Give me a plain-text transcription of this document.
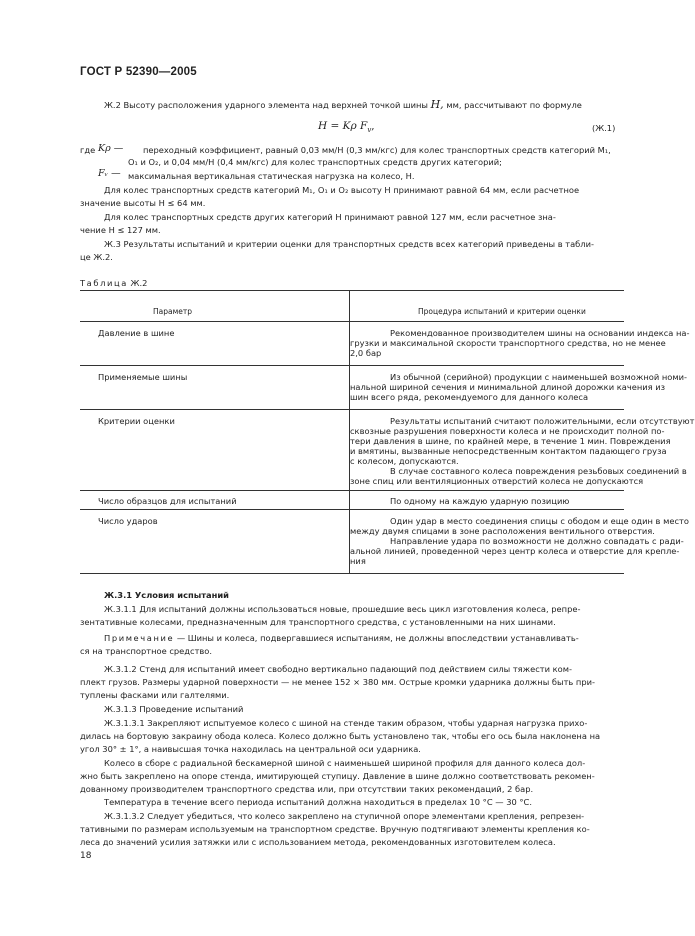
ГОСТ Р 52390—2005
Ж.2 Высоту расположения ударного элемента над верхней точкой шины H, мм, рассчитывают по формуле
H = Kρ $F_v$,	(Ж.1)
где Kρ — переходный коэффициент, равный 0,03 мм/Н (0,3 мм/кгс) для колес транспортных средств категорий M₁,
O₁ и O₂, и 0,04 мм/Н (0,4 мм/кгс) для колес транспортных средств других категорий;
Fᵥ — максимальная вертикальная статическая нагрузка на колесо, Н.
Для колес транспортных средств категорий M₁, O₁ и O₂ высоту H принимают равной 64 мм, если расчетное
значение высоты H ≤ 64 мм.
Для колес транспортных средств других категорий H принимают равной 127 мм, если расчетное зна-
чение H ≤ 127 мм.
Ж.3 Результаты испытаний и критерии оценки для транспортных средств всех категорий приведены в табли-
це Ж.2.
Таблица Ж.2
Параметр	Процедура испытаний и критерии оценки
Давление в шине	Рекомендованное производителем шины на основании индекса на-
грузки и максимальной скорости транспортного средства, но не менее
2,0 бар
Применяемые шины	Из обычной (серийной) продукции с наименьшей возможной номи-
нальной шириной сечения и минимальной длиной дорожки качения из
шин всего ряда, рекомендуемого для данного колеса
Критерии оценки	Результаты испытаний считают положительными, если отсутствуют
сквозные разрушения поверхности колеса и не происходит полной по-
тери давления в шине, по крайней мере, в течение 1 мин. Повреждения
и вмятины, вызванные непосредственным контактом падающего груза
с колесом, допускаются.
В случае составного колеса повреждения резьбовых соединений в
зоне спиц или вентиляционных отверстий колеса не допускаются
Число образцов для испытаний	По одному на каждую ударную позицию
Число ударов	Один удар в место соединения спицы с ободом и еще один в место
между двумя спицами в зоне расположения вентильного отверстия.
Направление удара по возможности не должно совпадать с ради-
альной линией, проведенной через центр колеса и отверстие для крепле-
ния
Ж.3.1 Условия испытаний
Ж.3.1.1 Для испытаний должны использоваться новые, прошедшие весь цикл изготовления колеса, репре-
зентативные колесами, предназначенным для транспортного средства, с установленными на них шинами.
Примечание — Шины и колеса, подвергавшиеся испытаниям, не должны впоследствии устанавливать-
ся на транспортное средство.
Ж.3.1.2 Стенд для испытаний имеет свободно вертикально падающий под действием силы тяжести ком-
плект грузов. Размеры ударной поверхности — не менее 152 × 380 мм. Острые кромки ударника должны быть при-
туплены фасками или галтелями.
Ж.3.1.3 Проведение испытаний
Ж.3.1.3.1 Закрепляют испытуемое колесо с шиной на стенде таким образом, чтобы ударная нагрузка прихо-
дилась на бортовую закраину обода колеса. Колесо должно быть установлено так, чтобы его ось была наклонена на
угол 30° ± 1°, а наивысшая точка находилась на центральной оси ударника.
Колесо в сборе с радиальной бескамерной шиной с наименьшей шириной профиля для данного колеса дол-
жно быть закреплено на опоре стенда, имитирующей ступицу. Давление в шине должно соответствовать рекомен-
дованному производителем транспортного средства или, при отсутствии таких рекомендаций, 2 бар.
Температура в течение всего периода испытаний должна находиться в пределах 10 °С — 30 °С.
Ж.3.1.3.2 Следует убедиться, что колесо закреплено на ступичной опоре элементами крепления, репрезен-
тативными по размерам используемым на транспортном средстве. Вручную подтягивают элементы крепления ко-
леса до значений усилия затяжки или с использованием метода, рекомендованных изготовителем колеса.
18
